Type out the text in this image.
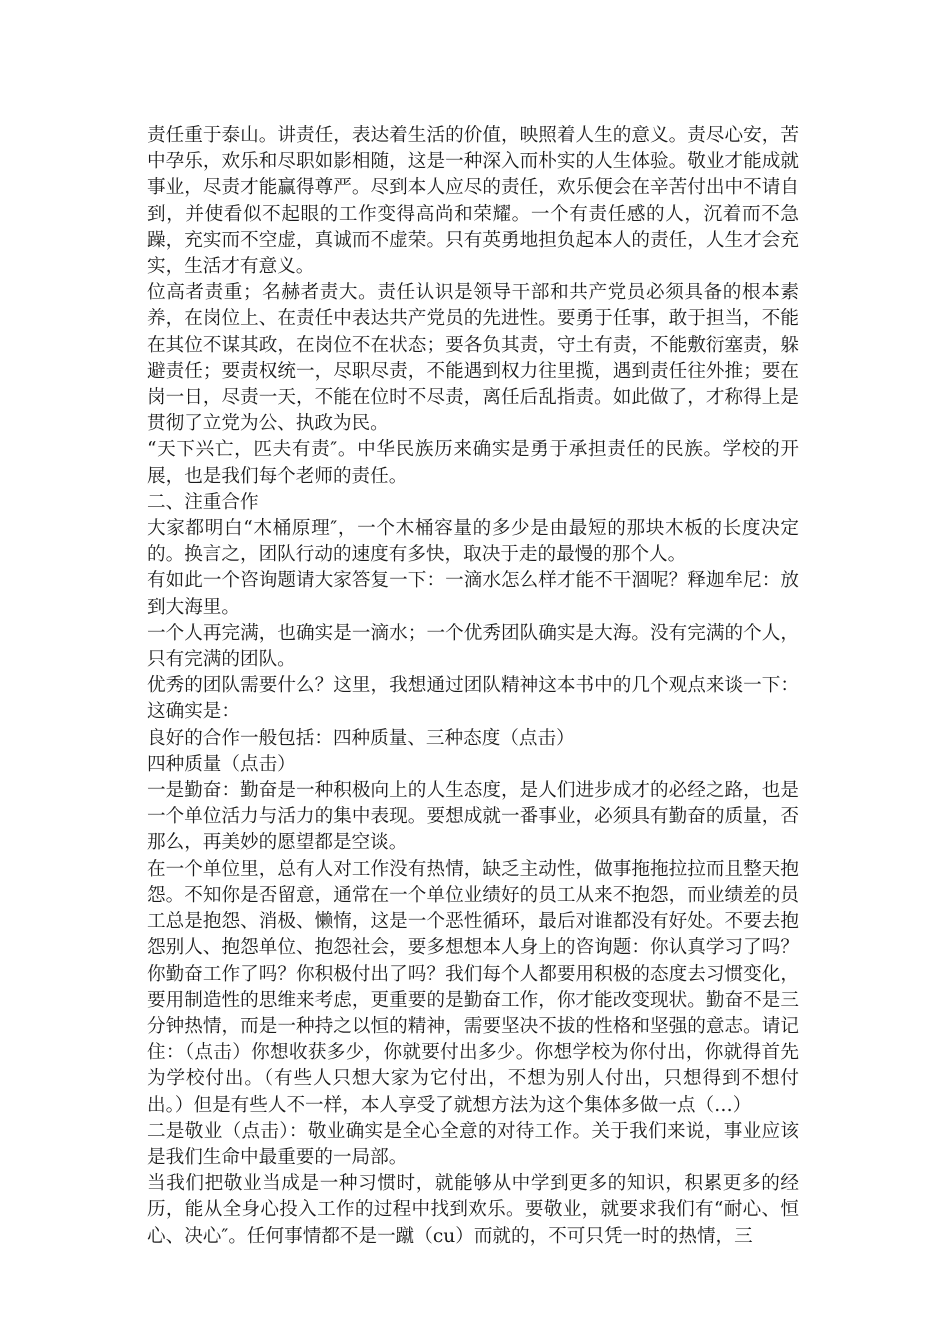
责任重于泰山。讲责任，表达着生活的价值，映照着人生的意义。责尽心安，苦中孕乐，欢乐和尽职如影相随，这是一种深入而朴实的人生体验。敬业才能成就事业，尽责才能赢得尊严。尽到本人应尽的责任，欢乐便会在辛苦付出中不请自到，并使看似不起眼的工作变得高尚和荣耀。一个有责任感的人，沉着而不急躁，充实而不空虚，真诚而不虚荣。只有英勇地担负起本人的责任，人生才会充实，生活才有意义。

位高者责重；名赫者责大。责任认识是领导干部和共产党员必须具备的根本素养，在岗位上、在责任中表达共产党员的先进性。要勇于任事，敢于担当，不能在其位不谋其政，在岗位不在状态；要各负其责，守土有责，不能敷衍塞责，躲避责任；要责权统一，尽职尽责，不能遇到权力往里揽，遇到责任往外推；要在岗一日，尽责一天，不能在位时不尽责，离任后乱指责。如此做了，才称得上是贯彻了立党为公、执政为民。

“天下兴亡，匹夫有责″。中华民族历来确实是勇于承担责任的民族。学校的开展，也是我们每个老师的责任。

二、注重合作

大家都明白“木桶原理″，一个木桶容量的多少是由最短的那块木板的长度决定的。换言之，团队行动的速度有多快，取决于走的最慢的那个人。

有如此一个咨询题请大家答复一下：一滴水怎么样才能不干涸呢？释迦牟尼：放到大海里。

一个人再完满，也确实是一滴水；一个优秀团队确实是大海。没有完满的个人，只有完满的团队。

优秀的团队需要什么？这里，我想通过团队精神这本书中的几个观点来谈一下：这确实是：

良好的合作一般包括：四种质量、三种态度（点击）

四种质量（点击）

一是勤奋：勤奋是一种积极向上的人生态度，是人们进步成才的必经之路，也是一个单位活力与活力的集中表现。要想成就一番事业，必须具有勤奋的质量，否那么，再美妙的愿望都是空谈。

在一个单位里，总有人对工作没有热情，缺乏主动性，做事拖拖拉拉而且整天抱怨。不知你是否留意，通常在一个单位业绩好的员工从来不抱怨，而业绩差的员工总是抱怨、消极、懒惰，这是一个恶性循环，最后对谁都没有好处。不要去抱怨别人、抱怨单位、抱怨社会，要多想想本人身上的咨询题：你认真学习了吗？你勤奋工作了吗？你积极付出了吗？我们每个人都要用积极的态度去习惯变化，要用制造性的思维来考虑，更重要的是勤奋工作，你才能改变现状。勤奋不是三分钟热情，而是一种持之以恒的精神，需要坚决不拔的性格和坚强的意志。请记住：（点击）你想收获多少，你就要付出多少。你想学校为你付出，你就得首先为学校付出。（有些人只想大家为它付出，不想为别人付出，只想得到不想付出。）但是有些人不一样，本人享受了就想方法为这个集体多做一点（…）

二是敬业（点击）：敬业确实是全心全意的对待工作。关于我们来说，事业应该是我们生命中最重要的一局部。

当我们把敬业当成是一种习惯时，就能够从中学到更多的知识，积累更多的经历，能从全身心投入工作的过程中找到欢乐。要敬业，就要求我们有“耐心、恒心、决心″。任何事情都不是一蹴（cu）而就的，不可只凭一时的热情，三
